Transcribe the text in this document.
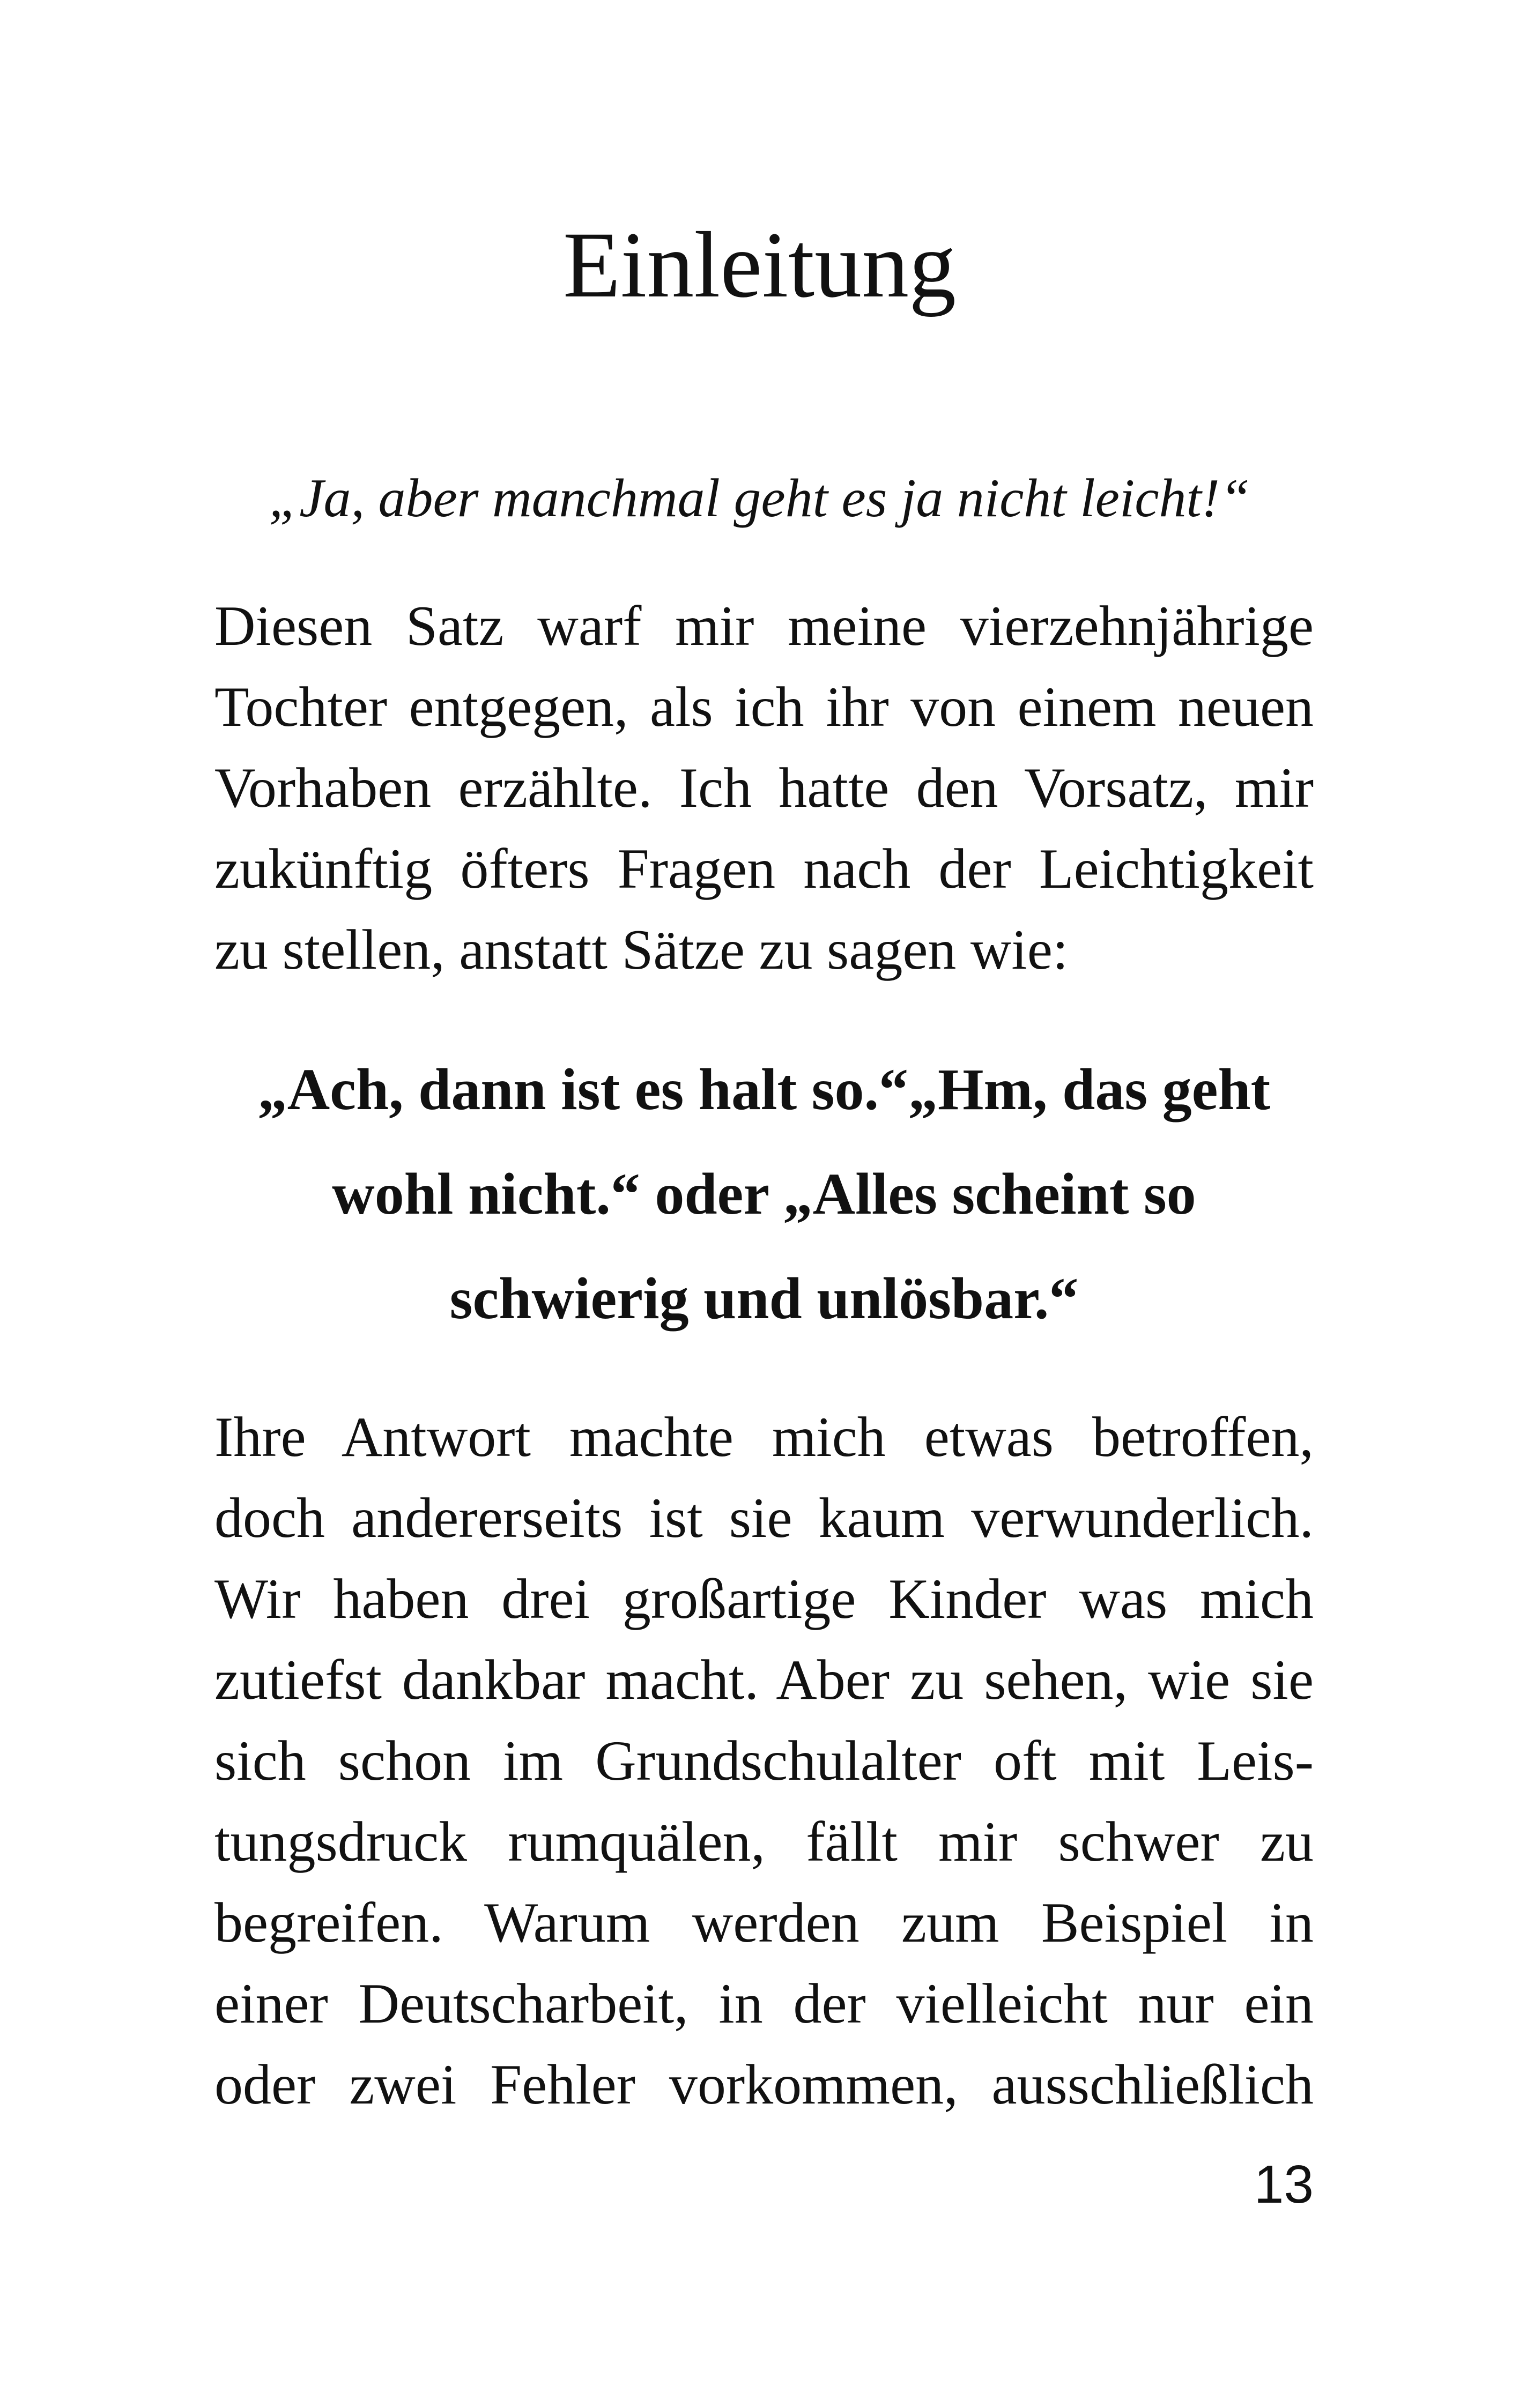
Einleitung

„Ja, aber manchmal geht es ja nicht leicht!“

Diesen Satz warf mir meine vierzehnjährige
Tochter entgegen, als ich ihr von einem neuen
Vorhaben erzählte. Ich hatte den Vorsatz, mir
zukünftig öfters Fragen nach der Leichtigkeit
zu stellen, anstatt Sätze zu sagen wie:

„Ach, dann ist es halt so.“„Hm, das geht
wohl nicht.“ oder „Alles scheint so
schwierig und unlösbar.“

Ihre Antwort machte mich etwas betroffen,
doch andererseits ist sie kaum verwunderlich.
Wir haben drei großartige Kinder was mich
zutiefst dankbar macht. Aber zu sehen, wie sie
sich schon im Grundschulalter oft mit Leis-
tungsdruck rumquälen, fällt mir schwer zu
begreifen. Warum werden zum Beispiel in
einer Deutscharbeit, in der vielleicht nur ein
oder zwei Fehler vorkommen, ausschließlich

13
